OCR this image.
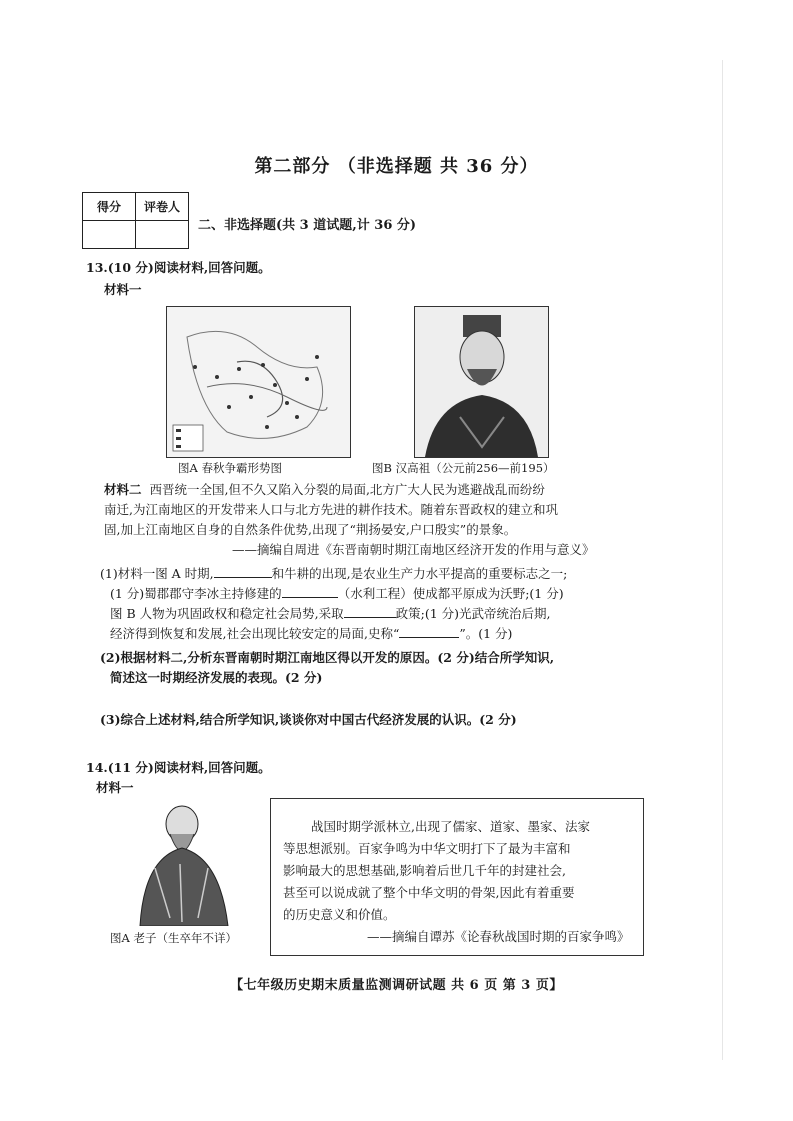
第二部分 （非选择题 共 36 分）
得分	评卷人

二、非选择题(共 3 道试题,计 36 分)
13.(10 分)阅读材料,回答问题。
材料一
图A 春秋争霸形势图	图B 汉高祖（公元前256—前195）
材料二 西晋统一全国,但不久又陷入分裂的局面,北方广大人民为逃避战乱而纷纷
南迁,为江南地区的开发带来人口与北方先进的耕作技术。随着东晋政权的建立和巩
固,加上江南地区自身的自然条件优势,出现了“荆扬晏安,户口殷实”的景象。
——摘编自周进《东晋南朝时期江南地区经济开发的作用与意义》
(1)材料一图 A 时期,	和牛耕的出现,是农业生产力水平提高的重要标志之一;
(1 分)蜀郡郡守李冰主持修建的	（水利工程）使成都平原成为沃野;(1 分)
图 B 人物为巩固政权和稳定社会局势,采取	政策;(1 分)光武帝统治后期,
经济得到恢复和发展,社会出现比较安定的局面,史称“	”。(1 分)
(2)根据材料二,分析东晋南朝时期江南地区得以开发的原因。(2 分)结合所学知识,
简述这一时期经济发展的表现。(2 分)
(3)综合上述材料,结合所学知识,谈谈你对中国古代经济发展的认识。(2 分)
14.(11 分)阅读材料,回答问题。
材料一
图A 老子（生卒年不详）
战国时期学派林立,出现了儒家、道家、墨家、法家
等思想派别。百家争鸣为中华文明打下了最为丰富和
影响最大的思想基础,影响着后世几千年的封建社会,
甚至可以说成就了整个中华文明的骨架,因此有着重要
的历史意义和价值。
——摘编自谭苏《论春秋战国时期的百家争鸣》
【七年级历史期末质量监测调研试题 共 6 页 第 3 页】
